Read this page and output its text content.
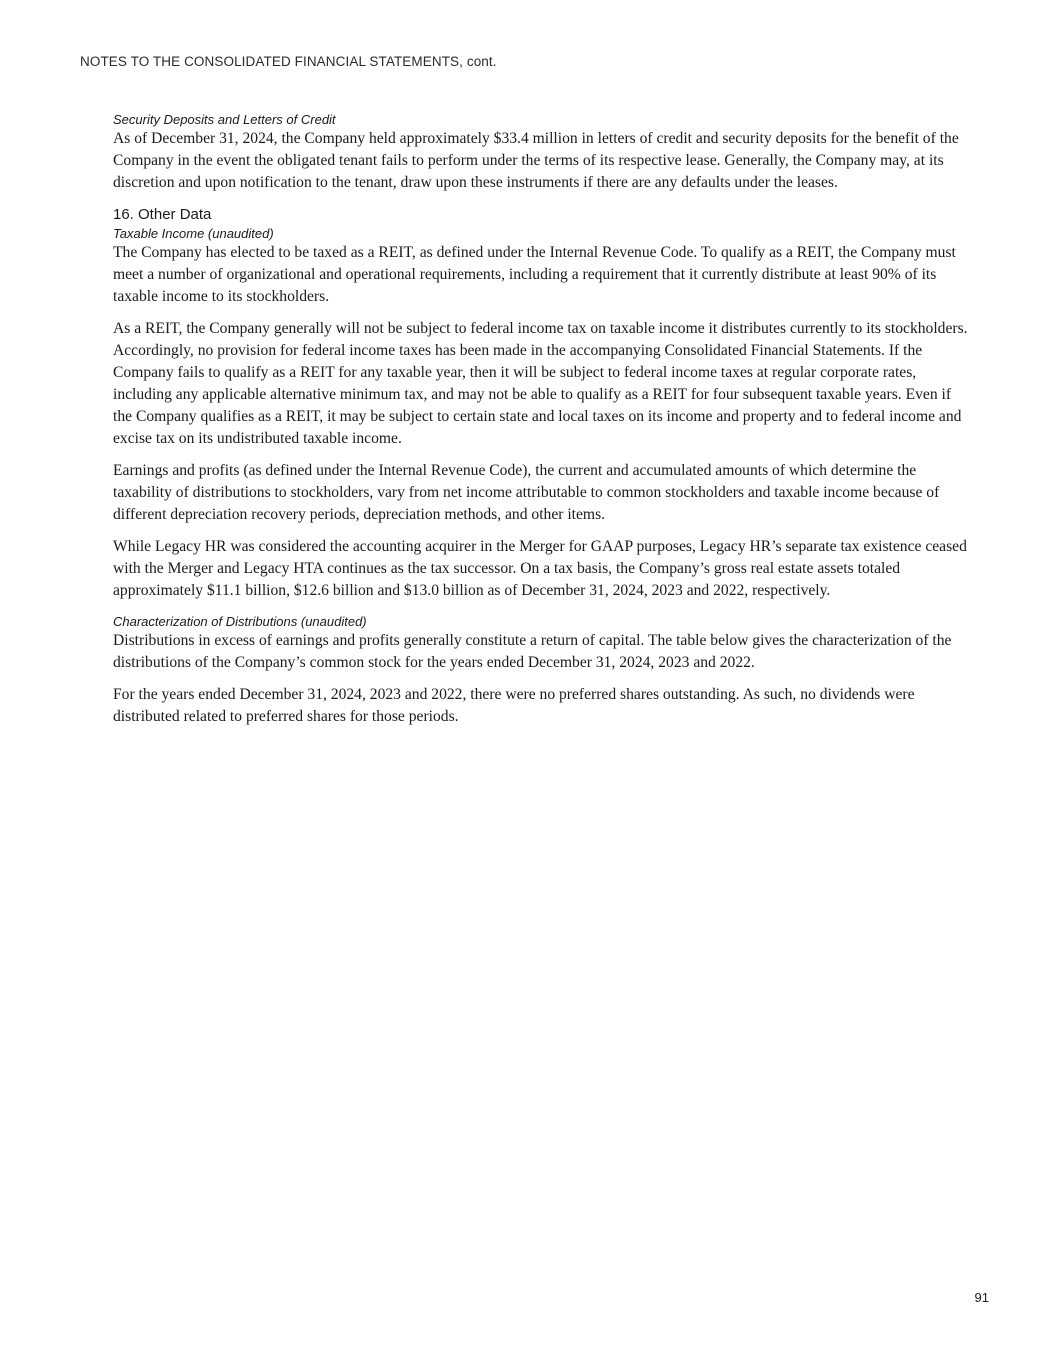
NOTES TO THE CONSOLIDATED FINANCIAL STATEMENTS, cont.

Security Deposits and Letters of Credit

As of December 31, 2024, the Company held approximately $33.4 million in letters of credit and security deposits for the benefit of the Company in the event the obligated tenant fails to perform under the terms of its respective lease. Generally, the Company may, at its discretion and upon notification to the tenant, draw upon these instruments if there are any defaults under the leases.

16. Other Data

Taxable Income (unaudited)

The Company has elected to be taxed as a REIT, as defined under the Internal Revenue Code. To qualify as a REIT, the Company must meet a number of organizational and operational requirements, including a requirement that it currently distribute at least 90% of its taxable income to its stockholders.

As a REIT, the Company generally will not be subject to federal income tax on taxable income it distributes currently to its stockholders. Accordingly, no provision for federal income taxes has been made in the accompanying Consolidated Financial Statements. If the Company fails to qualify as a REIT for any taxable year, then it will be subject to federal income taxes at regular corporate rates, including any applicable alternative minimum tax, and may not be able to qualify as a REIT for four subsequent taxable years. Even if the Company qualifies as a REIT, it may be subject to certain state and local taxes on its income and property and to federal income and excise tax on its undistributed taxable income.

Earnings and profits (as defined under the Internal Revenue Code), the current and accumulated amounts of which determine the taxability of distributions to stockholders, vary from net income attributable to common stockholders and taxable income because of different depreciation recovery periods, depreciation methods, and other items.

While Legacy HR was considered the accounting acquirer in the Merger for GAAP purposes, Legacy HR’s separate tax existence ceased with the Merger and Legacy HTA continues as the tax successor. On a tax basis, the Company’s gross real estate assets totaled approximately $11.1 billion, $12.6 billion and $13.0 billion as of December 31, 2024, 2023 and 2022, respectively.

Characterization of Distributions (unaudited)

Distributions in excess of earnings and profits generally constitute a return of capital. The table below gives the characterization of the distributions of the Company’s common stock for the years ended December 31, 2024, 2023 and 2022.

For the years ended December 31, 2024, 2023 and 2022, there were no preferred shares outstanding. As such, no dividends were distributed related to preferred shares for those periods.

91
